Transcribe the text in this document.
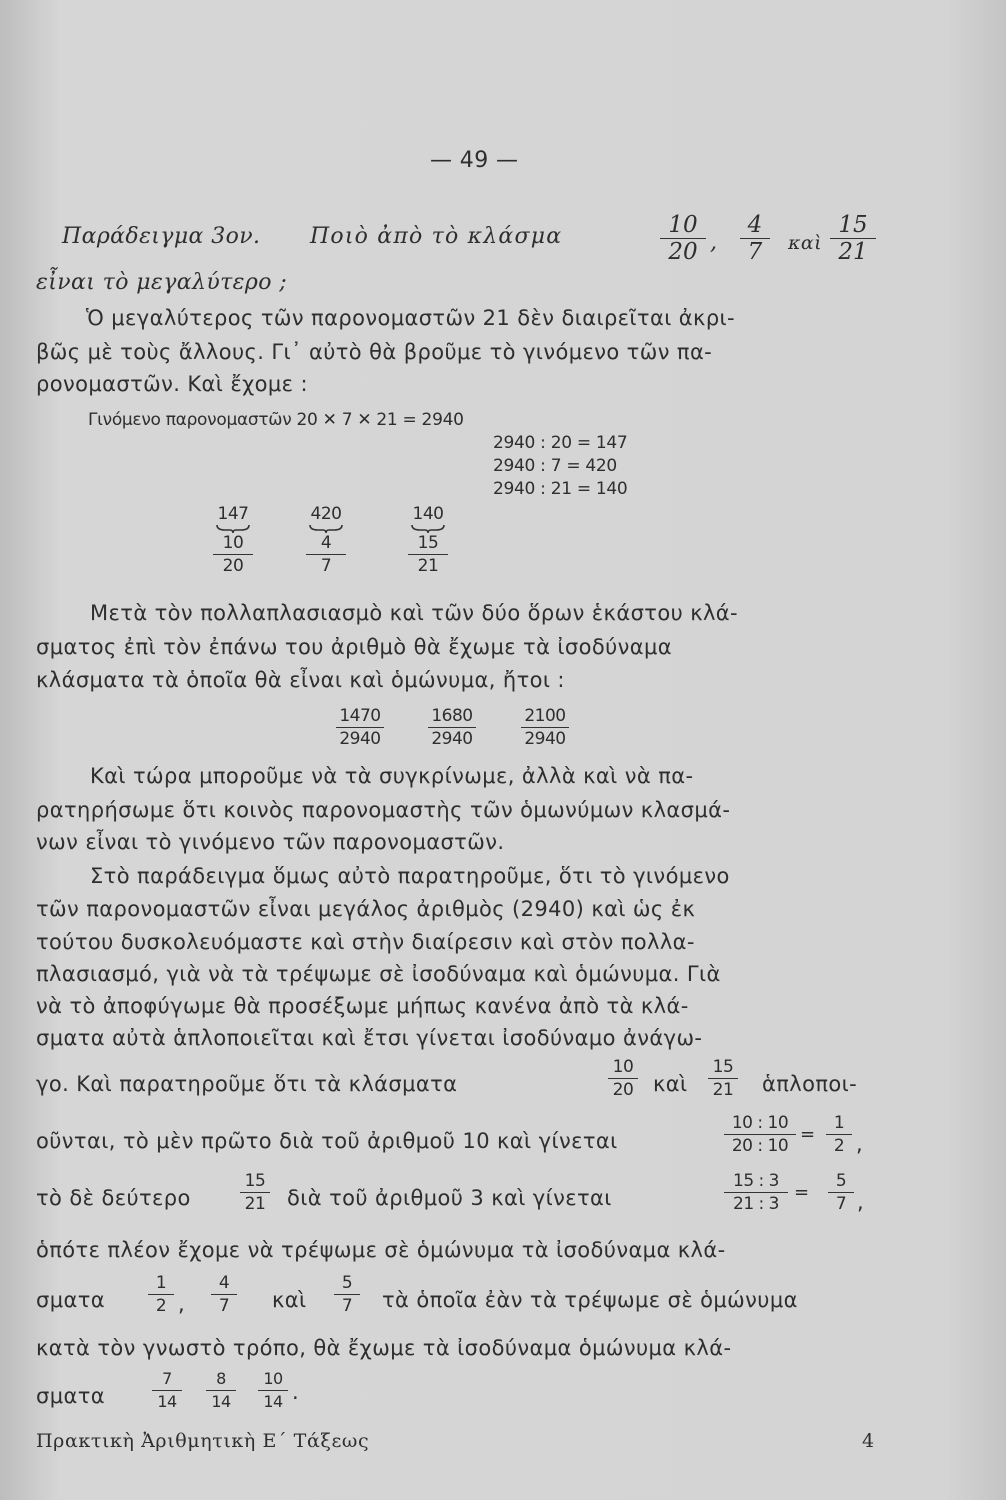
— 49 —
Παράδειγμα 3ον. Ποιὸ ἀπὸ τὸ κλάσμα	10
20 ,
4
7	καὶ
15
21
εἶναι τὸ μεγαλύτερο ;
Ὁ μεγαλύτερος τῶν παρονομαστῶν 21 δὲν διαιρεῖται ἀκρι-
βῶς μὲ τοὺς ἄλλους. Γι᾽ αὐτὸ θὰ βροῦμε τὸ γινόμενο τῶν πα-
ρονομαστῶν. Καὶ ἔχομε :
Γινόμενο παρονομαστῶν 20 ✕ 7 ✕ 21 = 2940
2940 : 20 = 147
2940 : 7 = 420
2940 : 21 = 140
147
10
20
420
4
7
140
15
21
Μετὰ τὸν πολλαπλασιασμὸ καὶ τῶν δύο ὅρων ἑκάστου κλά-
σματος ἐπὶ τὸν ἐπάνω του ἀριθμὸ θὰ ἔχωμε τὰ ἰσοδύναμα
κλάσματα τὰ ὁποῖα θὰ εἶναι καὶ ὁμώνυμα, ἤτοι :
1470
2940
1680
2940
2100
2940
Καὶ τώρα μποροῦμε νὰ τὰ συγκρίνωμε, ἀλλὰ καὶ νὰ πα-
ρατηρήσωμε ὅτι κοινὸς παρονομαστὴς τῶν ὁμωνύμων κλασμά-
νων εἶναι τὸ γινόμενο τῶν παρονομαστῶν.
Στὸ παράδειγμα ὅμως αὐτὸ παρατηροῦμε, ὅτι τὸ γινόμενο
τῶν παρονομαστῶν εἶναι μεγάλος ἀριθμὸς (2940) καὶ ὡς ἐκ
τούτου δυσκολευόμαστε καὶ στὴν διαίρεσιν καὶ στὸν πολλα-
πλασιασμό, γιὰ νὰ τὰ τρέψωμε σὲ ἰσοδύναμα καὶ ὁμώνυμα. Γιὰ
νὰ τὸ ἀποφύγωμε θὰ προσέξωμε μήπως κανένα ἀπὸ τὰ κλά-
σματα αὐτὰ ἁπλοποιεῖται καὶ ἔτσι γίνεται ἰσοδύναμο ἀνάγω-
γο. Καὶ παρατηροῦμε ὅτι τὰ κλάσματα
10
20 καὶ
15
21 ἁπλοποι-
οῦνται, τὸ μὲν πρῶτο διὰ τοῦ ἀριθμοῦ 10 καὶ γίνεται
10 : 10
20 : 10
=
1
2 ,
τὸ δὲ δεύτερο
15
21 διὰ τοῦ ἀριθμοῦ 3 καὶ γίνεται
15 : 3
21 : 3
=
5
7 ,
ὁπότε πλέον ἔχομε νὰ τρέψωμε σὲ ὁμώνυμα τὰ ἰσοδύναμα κλά-
σματα
1
2 ,
4
7	καὶ
5
7	τὰ ὁποῖα ἐὰν τὰ τρέψωμε σὲ ὁμώνυμα
κατὰ τὸν γνωστὸ τρόπο, θὰ ἔχωμε τὰ ἰσοδύναμα ὁμώνυμα κλά-
σματα
7
14
8
14
10
14 .
Πρακτικὴ Ἀριθμητικὴ Ε΄ Τάξεως	4
